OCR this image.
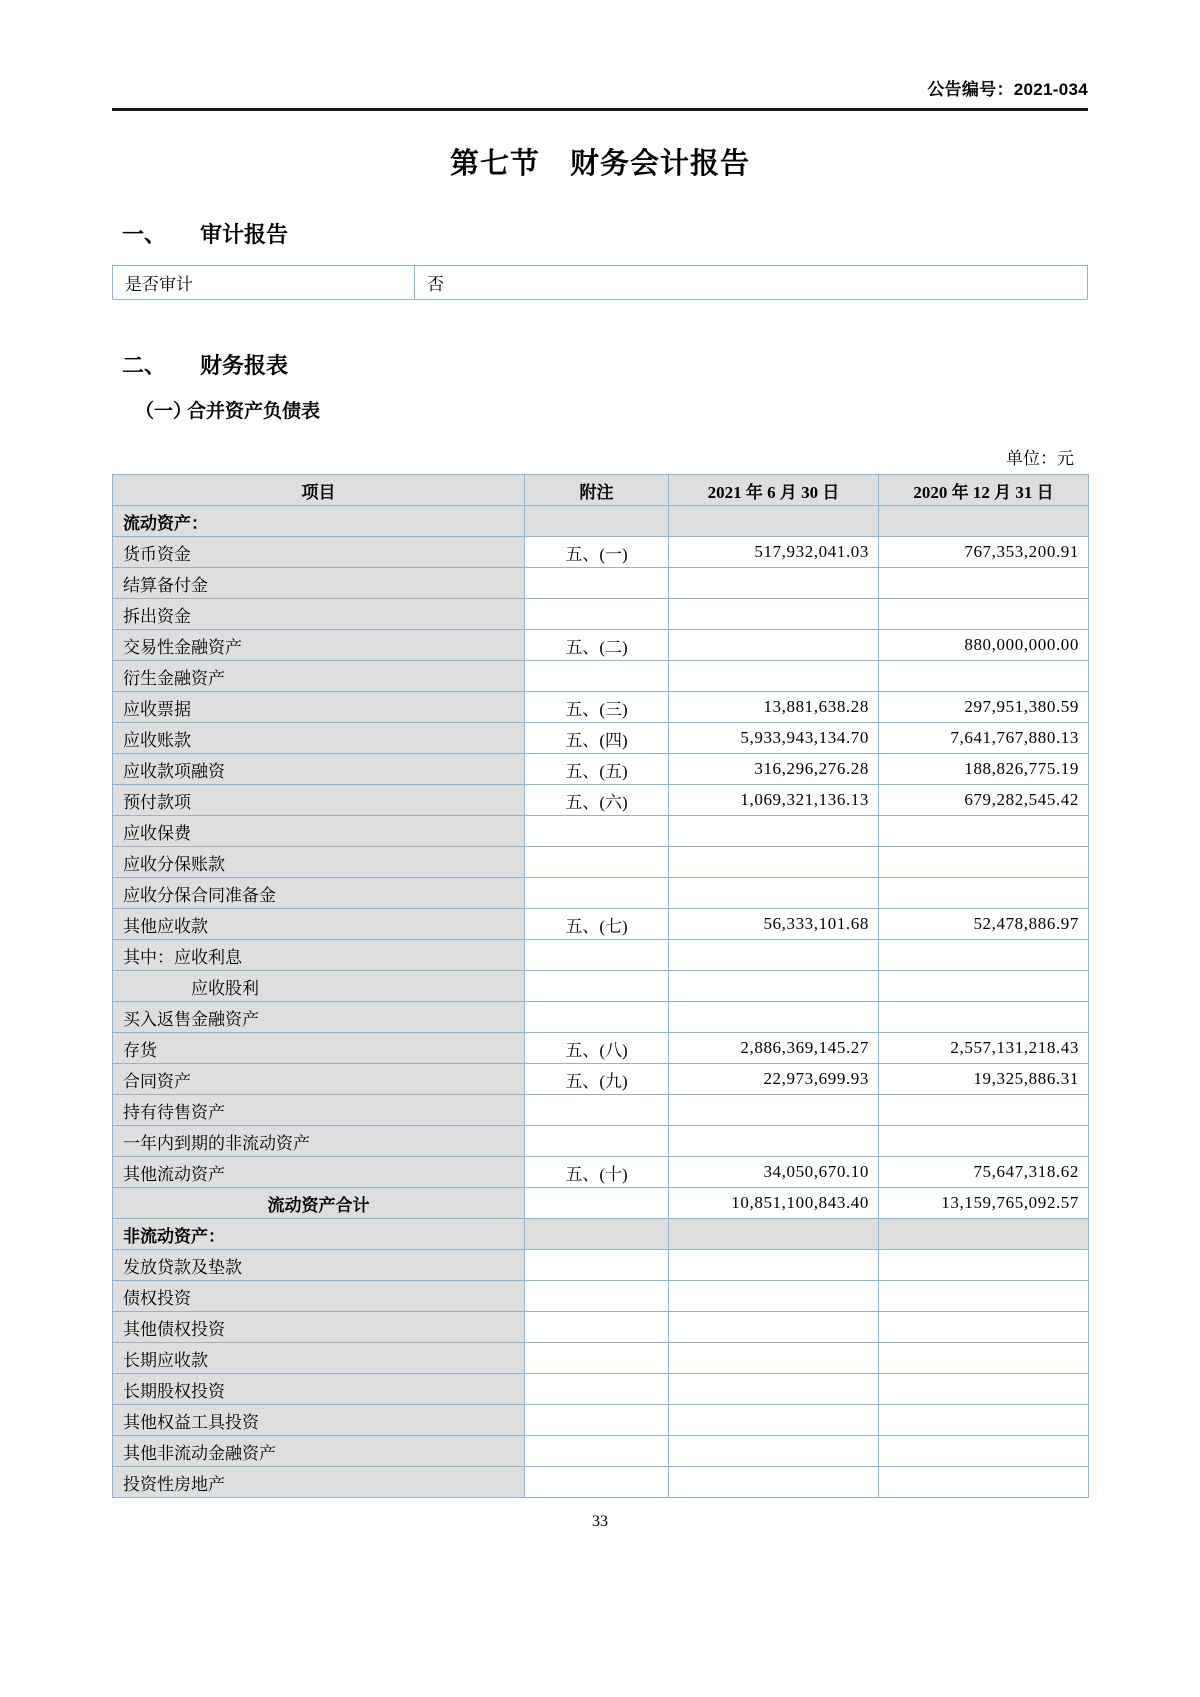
公告编号：2021-034
第七节　财务会计报告
一、	审计报告
是否审计	否
二、	财务报表
（一）
合并资产负债表
单位：元
项目	附注	2021 年 6 月 30 日	2020 年 12 月 31 日
流动资产：			
货币资金	五、(一)	517,932,041.03	767,353,200.91
结算备付金			
拆出资金			
交易性金融资产	五、(二)		880,000,000.00
衍生金融资产			
应收票据	五、(三)	13,881,638.28	297,951,380.59
应收账款	五、(四)	5,933,943,134.70	7,641,767,880.13
应收款项融资	五、(五)	316,296,276.28	188,826,775.19
预付款项	五、(六)	1,069,321,136.13	679,282,545.42
应收保费			
应收分保账款			
应收分保合同准备金			
其他应收款	五、(七)	56,333,101.68	52,478,886.97
其中：应收利息			
应收股利			
买入返售金融资产			
存货	五、(八)	2,886,369,145.27	2,557,131,218.43
合同资产	五、(九)	22,973,699.93	19,325,886.31
持有待售资产			
一年内到期的非流动资产			
其他流动资产	五、(十)	34,050,670.10	75,647,318.62
流动资产合计		10,851,100,843.40	13,159,765,092.57
非流动资产：			
发放贷款及垫款			
债权投资			
其他债权投资			
长期应收款			
长期股权投资			
其他权益工具投资			
其他非流动金融资产			
投资性房地产			
33
